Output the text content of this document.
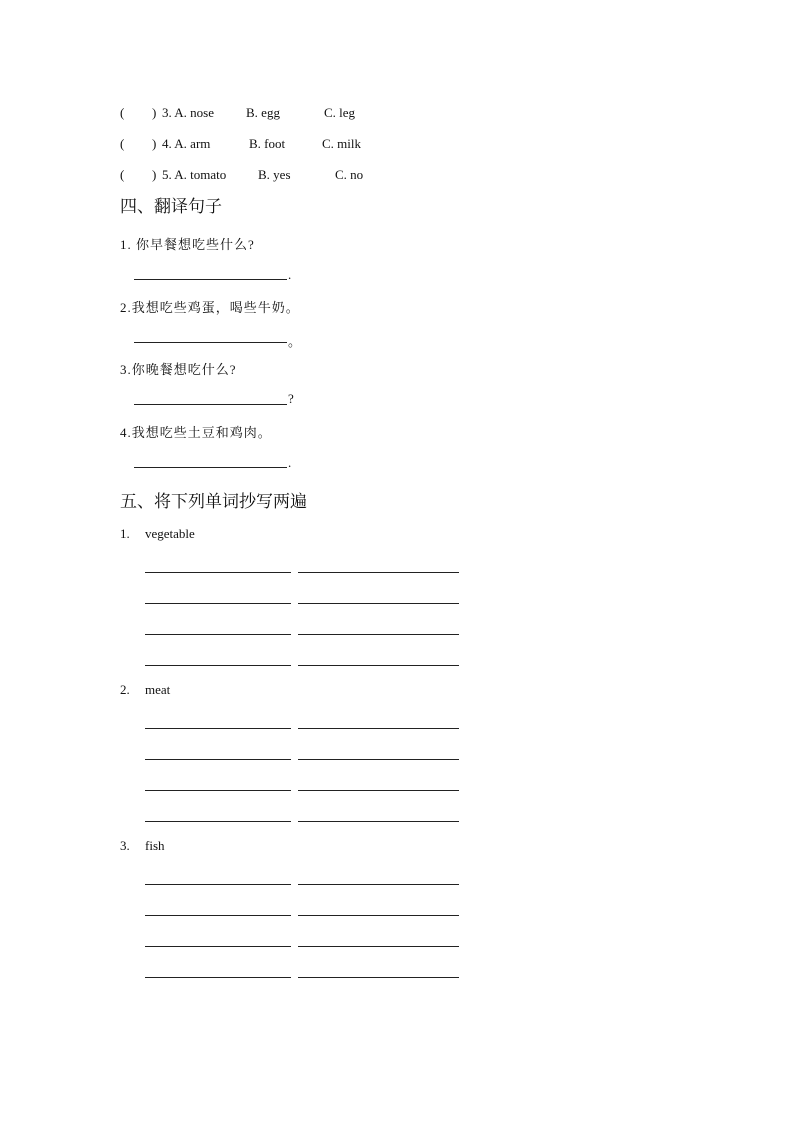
( ) 3. A. nose B. egg	C. leg
( ) 4. A. arm	B. foot	C. milk
( ) 5. A. tomato B. yes	C. no
四、翻译句子
1. 你早餐想吃些什么?
.
2.我想吃些鸡蛋，喝些牛奶。
。
3.你晚餐想吃什么?
?
4.我想吃些土豆和鸡肉。
.
五、将下列单词抄写两遍
1. vegetable
2. meat
3. fish
